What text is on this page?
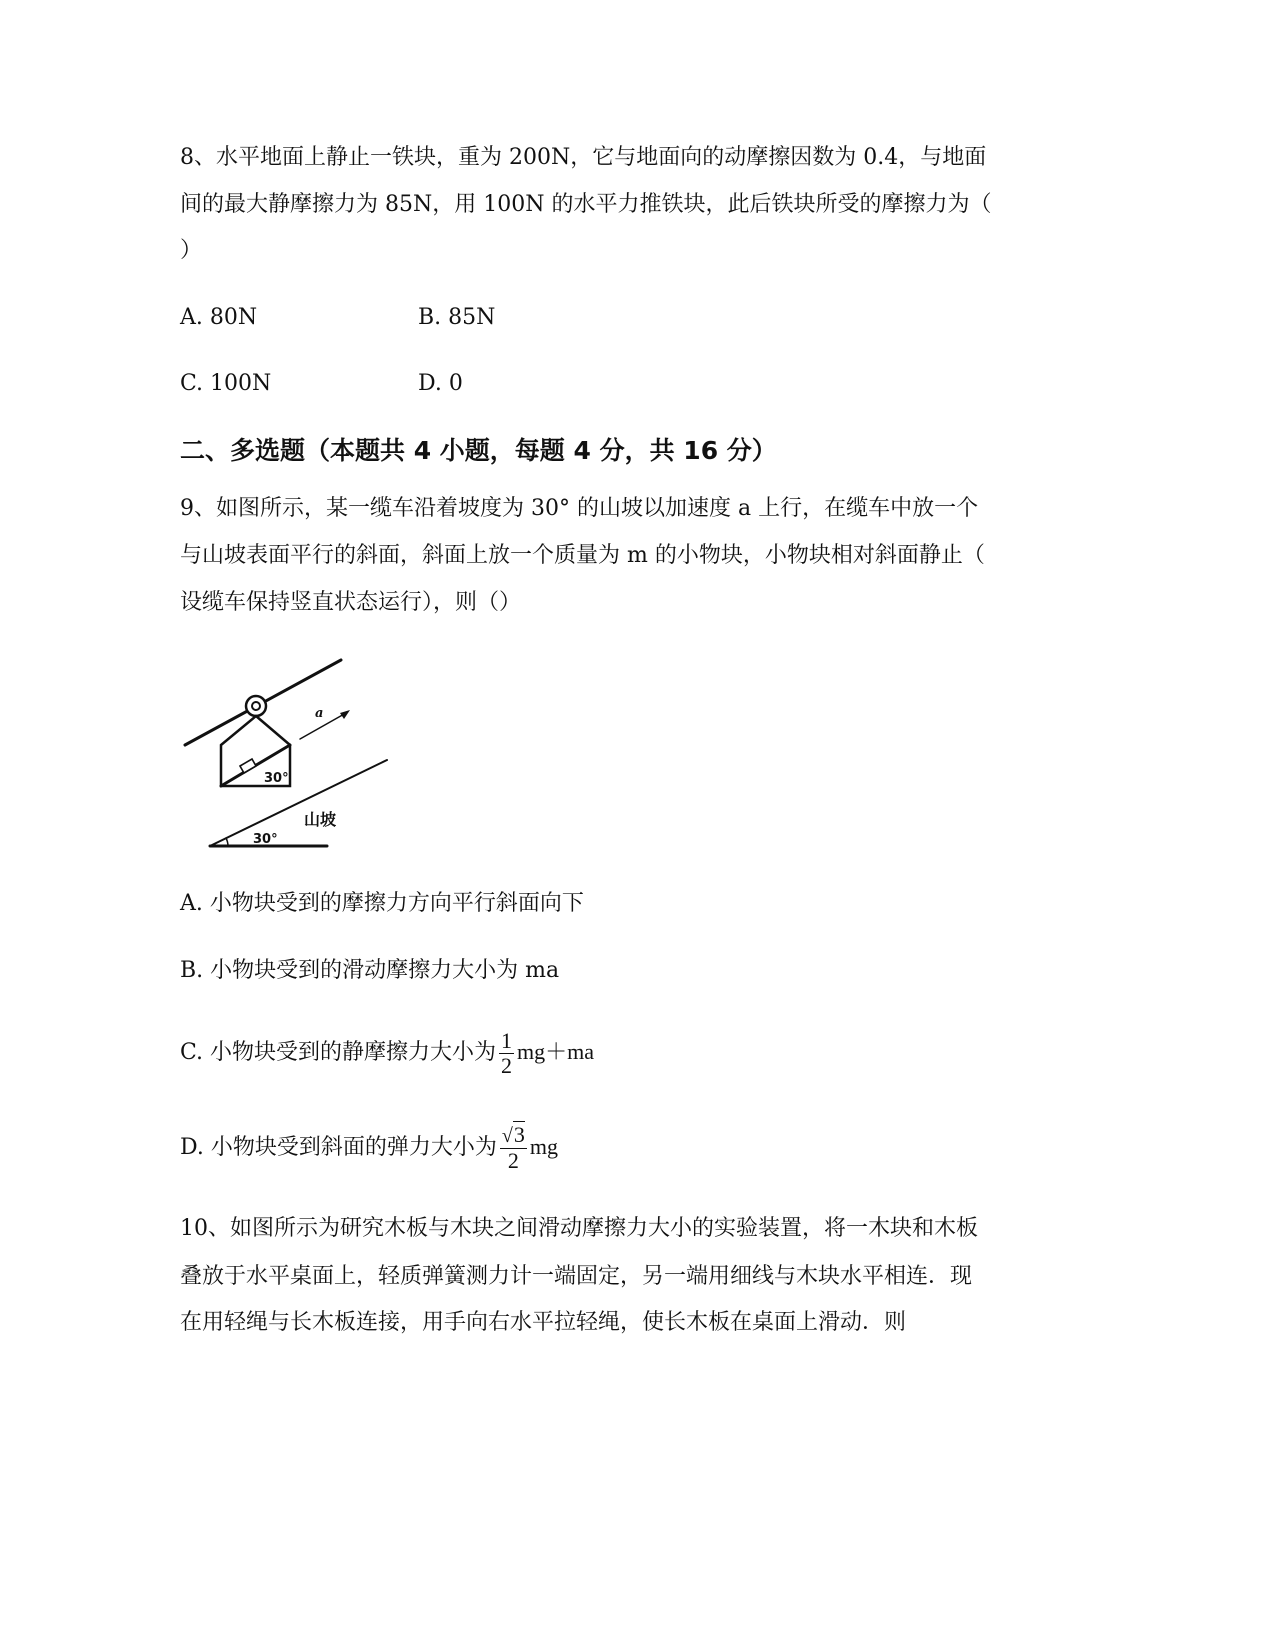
8、水平地面上静止一铁块，重为 200N，它与地面向的动摩擦因数为 0.4，与地面
间的最大静摩擦力为 85N，用 100N 的水平力推铁块，此后铁块所受的摩擦力为（
）
A. 80N	B. 85N
C. 100N	D. 0
二、多选题（本题共 4 小题，每题 4 分，共 16 分）
9、如图所示，某一缆车沿着坡度为 30° 的山坡以加速度 a 上行，在缆车中放一个
与山坡表面平行的斜面，斜面上放一个质量为 m 的小物块，小物块相对斜面静止（
设缆车保持竖直状态运行），则（）
a
30°
30°
山坡
A. 小物块受到的摩擦力方向平行斜面向下
B. 小物块受到的滑动摩擦力大小为 ma
C. 小物块受到的静摩擦力大小为 $\frac{1}{2} mg+ma$
D. 小物块受到斜面的弹力大小为 $\frac{√3}{2}$ mg
10、如图所示为研究木板与木块之间滑动摩擦力大小的实验装置，将一木块和木板
叠放于水平桌面上，轻质弹簧测力计一端固定，另一端用细线与木块水平相连．现
在用轻绳与长木板连接，用手向右水平拉轻绳，使长木板在桌面上滑动．则
